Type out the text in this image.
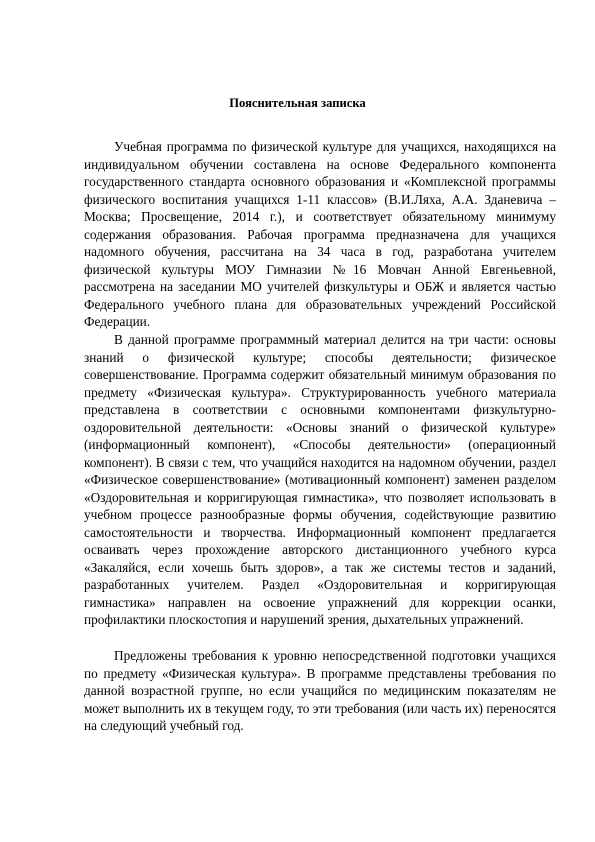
Пояснительная записка

Учебная программа по физической культуре для учащихся, находящихся на индивидуальном обучении составлена на основе Федерального компонента государственного стандарта основного образования и «Комплексной программы физического воспитания учащихся 1-11 классов» (В.И.Ляха, А.А. Зданевича – Москва; Просвещение, 2014 г.), и соответствует обязательному минимуму содержания образования. Рабочая программа предназначена для учащихся надомного обучения, рассчитана на 34 часа в год, разработана учителем физической культуры МОУ Гимназии №16 Мовчан Анной Евгеньевной, рассмотрена на заседании МО учителей физкультуры и ОБЖ и является частью Федерального учебного плана для образовательных учреждений Российской Федерации.

В данной программе программный материал делится на три части: основы знаний о физической культуре; способы деятельности; физическое совершенствование. Программа содержит обязательный минимум образования по предмету «Физическая культура». Структурированность учебного материала представлена в соответствии с основными компонентами физкультурно-оздоровительной деятельности: «Основы знаний о физической культуре» (информационный компонент), «Способы деятельности» (операционный компонент). В связи с тем, что учащийся находится на надомном обучении, раздел «Физическое совершенствование» (мотивационный компонент) заменен разделом «Оздоровительная и корригирующая гимнастика», что позволяет использовать в учебном процессе разнообразные формы обучения, содействующие развитию самостоятельности и творчества. Информационный компонент предлагается осваивать через прохождение авторского дистанционного учебного курса «Закаляйся, если хочешь быть здоров», а так же системы тестов и заданий, разработанных учителем. Раздел «Оздоровительная и корригирующая гимнастика» направлен на освоение упражнений для коррекции осанки, профилактики плоскостопия и нарушений зрения, дыхательных упражнений.

Предложены требования к уровню непосредственной подготовки учащихся по предмету «Физическая культура». В программе представлены требования по данной возрастной группе, но если учащийся по медицинским показателям не может выполнить их в текущем году, то эти требования (или часть их) переносятся на следующий учебный год.
